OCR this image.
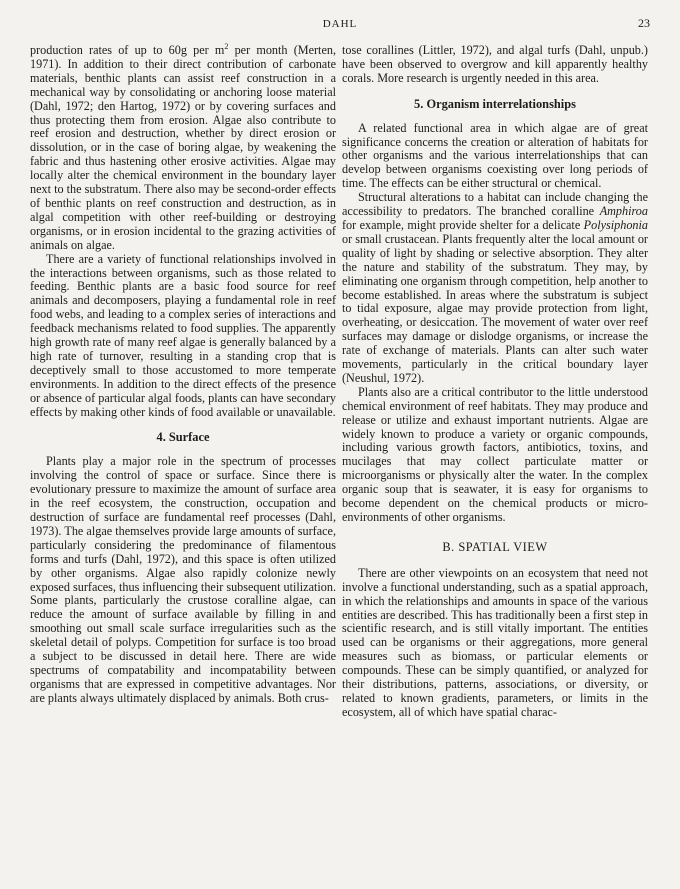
DAHL	23

production rates of up to 60g per $m^2$ per month (Merten, 1971). In addition to their direct contribution of carbonate materials, benthic plants can assist reef construction in a mechanical way by consolidating or anchoring loose material (Dahl, 1972; den Hartog, 1972) or by covering surfaces and thus protecting them from erosion. Algae also contribute to reef erosion and destruction, whether by direct erosion or dissolution, or in the case of boring algae, by weakening the fabric and thus hastening other erosive activities. Algae may locally alter the chemical environment in the boundary layer next to the substratum. There also may be second-order effects of benthic plants on reef construction and destruction, as in algal competition with other reef-building or destroying organisms, or in erosion incidental to the grazing activities of animals on algae.

There are a variety of functional relationships involved in the interactions between organisms, such as those related to feeding. Benthic plants are a basic food source for reef animals and decomposers, playing a fundamental role in reef food webs, and leading to a complex series of interactions and feedback mechanisms related to food supplies. The apparently high growth rate of many reef algae is generally balanced by a high rate of turnover, resulting in a standing crop that is deceptively small to those accustomed to more temperate environments. In addition to the direct effects of the presence or absence of particular algal foods, plants can have secondary effects by making other kinds of food available or unavailable.

4. Surface

Plants play a major role in the spectrum of processes involving the control of space or surface. Since there is evolutionary pressure to maximize the amount of surface area in the reef ecosystem, the construction, occupation and destruction of surface are fundamental reef processes (Dahl, 1973). The algae themselves provide large amounts of surface, particularly considering the predominance of filamentous forms and turfs (Dahl, 1972), and this space is often utilized by other organisms. Algae also rapidly colonize newly exposed surfaces, thus influencing their subsequent utilization. Some plants, particularly the crustose coralline algae, can reduce the amount of surface available by filling in and smoothing out small scale surface irregularities such as the skeletal detail of polyps. Competition for surface is too broad a subject to be discussed in detail here. There are wide spectrums of compatability and incompatability between organisms that are expressed in competitive advantages. Nor are plants always ultimately displaced by animals. Both crus-

tose corallines (Littler, 1972), and algal turfs (Dahl, unpub.) have been observed to overgrow and kill apparently healthy corals. More research is urgently needed in this area.

5. Organism interrelationships

A related functional area in which algae are of great significance concerns the creation or alteration of habitats for other organisms and the various interrelationships that can develop between organisms coexisting over long periods of time. The effects can be either structural or chemical.

Structural alterations to a habitat can include changing the accessibility to predators. The branched coralline Amphiroa for example, might provide shelter for a delicate Polysiphonia or small crustacean. Plants frequently alter the local amount or quality of light by shading or selective absorption. They alter the nature and stability of the substratum. They may, by eliminating one organism through competition, help another to become established. In areas where the substratum is subject to tidal exposure, algae may provide protection from light, overheating, or desiccation. The movement of water over reef surfaces may damage or dislodge organisms, or increase the rate of exchange of materials. Plants can alter such water movements, particularly in the critical boundary layer (Neushul, 1972).

Plants also are a critical contributor to the little understood chemical environment of reef habitats. They may produce and release or utilize and exhaust important nutrients. Algae are widely known to produce a variety or organic compounds, including various growth factors, antibiotics, toxins, and mucilages that may collect particulate matter or microorganisms or physically alter the water. In the complex organic soup that is seawater, it is easy for organisms to become dependent on the chemical products or micro-environments of other organisms.

B. SPATIAL VIEW

There are other viewpoints on an ecosystem that need not involve a functional understanding, such as a spatial approach, in which the relationships and amounts in space of the various entities are described. This has traditionally been a first step in scientific research, and is still vitally important. The entities used can be organisms or their aggregations, more general measures such as biomass, or particular elements or compounds. These can be simply quantified, or analyzed for their distributions, patterns, associations, or diversity, or related to known gradients, parameters, or limits in the ecosystem, all of which have spatial charac-
